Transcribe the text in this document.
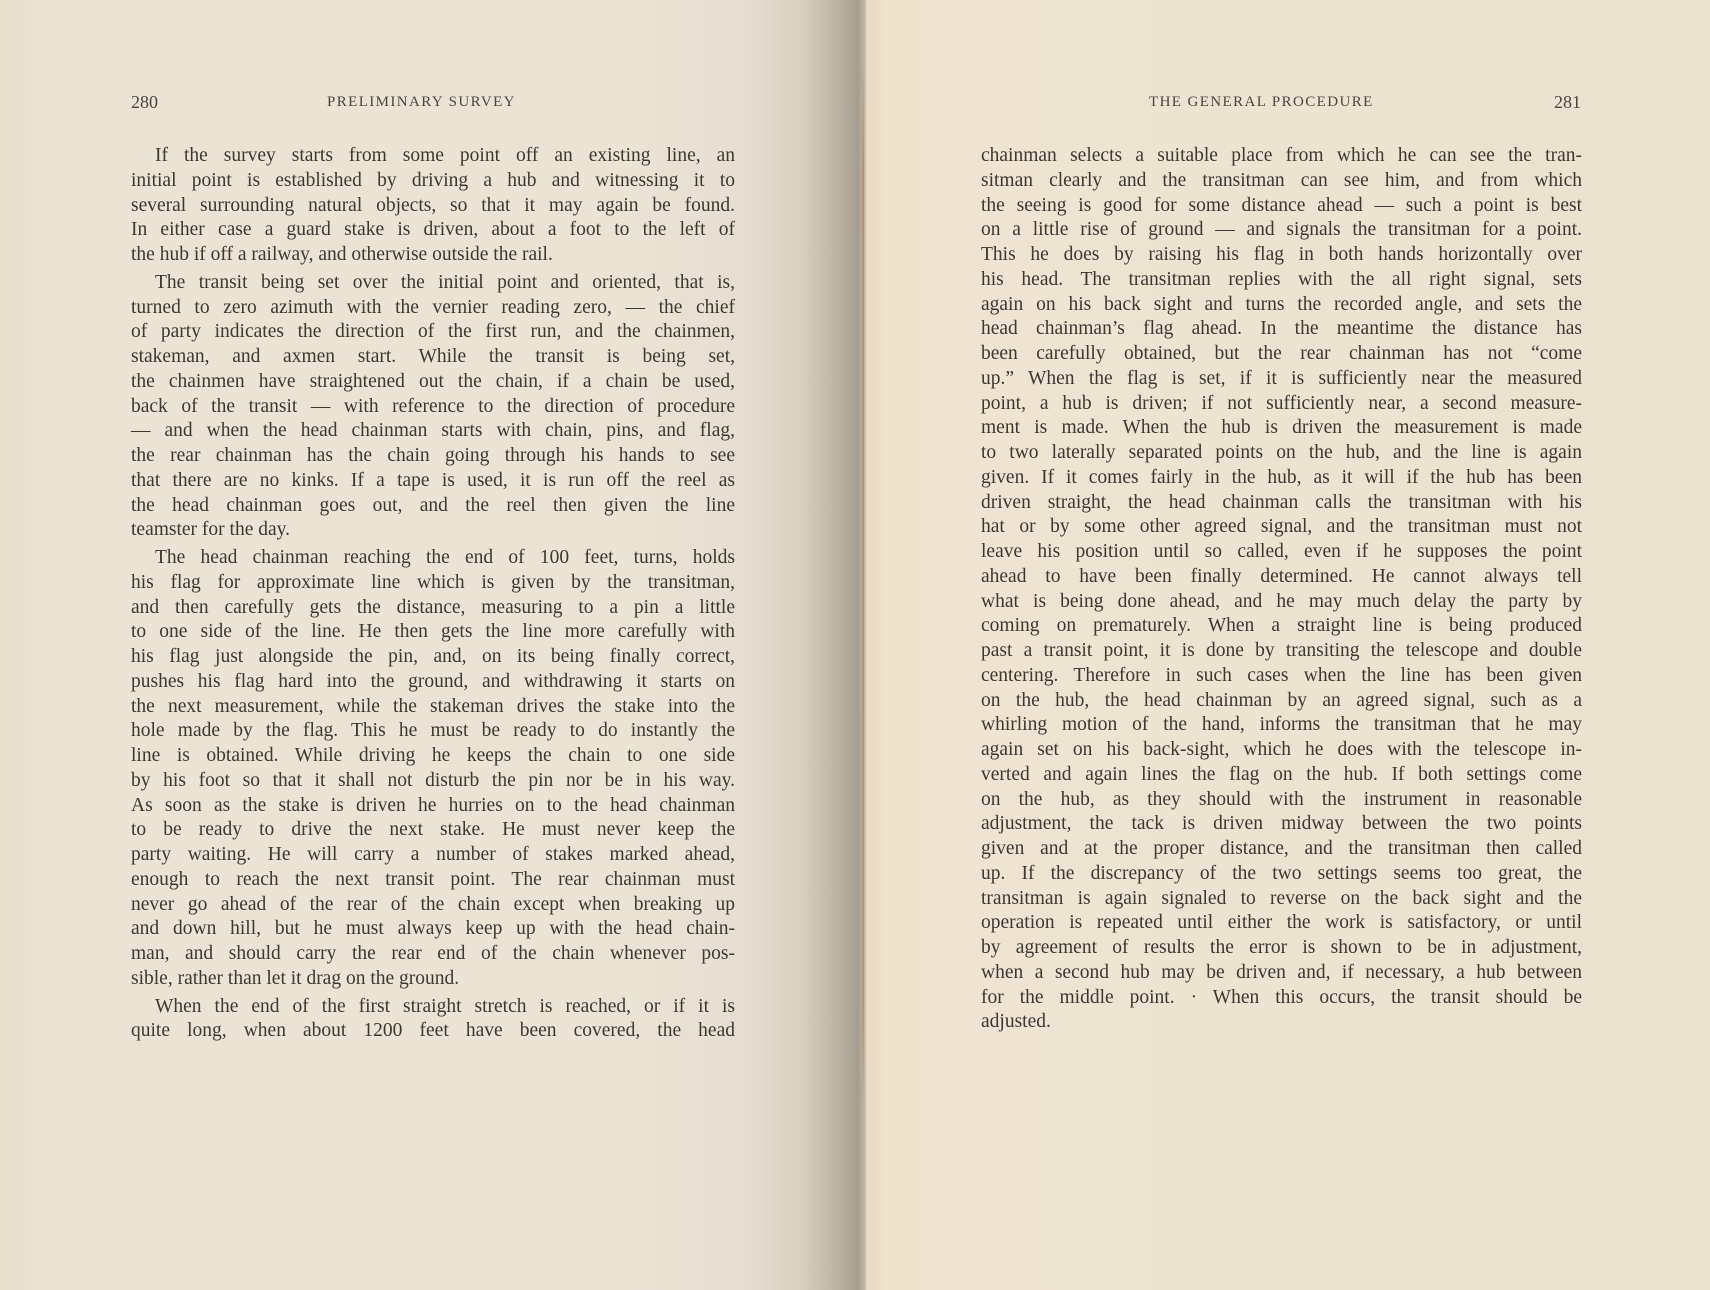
280	PRELIMINARY SURVEY
If the survey starts from some point off an existing line, an
initial point is established by driving a hub and witnessing it to
several surrounding natural objects, so that it may again be found.
In either case a guard stake is driven, about a foot to the left of
the hub if off a railway, and otherwise outside the rail.
The transit being set over the initial point and oriented, that is,
turned to zero azimuth with the vernier reading zero, — the chief
of party indicates the direction of the first run, and the chainmen,
stakeman, and axmen start. While the transit is being set,
the chainmen have straightened out the chain, if a chain be used,
back of the transit — with reference to the direction of procedure
— and when the head chainman starts with chain, pins, and flag,
the rear chainman has the chain going through his hands to see
that there are no kinks. If a tape is used, it is run off the reel as
the head chainman goes out, and the reel then given the line
teamster for the day.
The head chainman reaching the end of 100 feet, turns, holds
his flag for approximate line which is given by the transitman,
and then carefully gets the distance, measuring to a pin a little
to one side of the line. He then gets the line more carefully with
his flag just alongside the pin, and, on its being finally correct,
pushes his flag hard into the ground, and withdrawing it starts on
the next measurement, while the stakeman drives the stake into the
hole made by the flag. This he must be ready to do instantly the
line is obtained. While driving he keeps the chain to one side
by his foot so that it shall not disturb the pin nor be in his way.
As soon as the stake is driven he hurries on to the head chainman
to be ready to drive the next stake. He must never keep the
party waiting. He will carry a number of stakes marked ahead,
enough to reach the next transit point. The rear chainman must
never go ahead of the rear of the chain except when breaking up
and down hill, but he must always keep up with the head chain-
man, and should carry the rear end of the chain whenever pos-
sible, rather than let it drag on the ground.
When the end of the first straight stretch is reached, or if it is
quite long, when about 1200 feet have been covered, the head
THE GENERAL PROCEDURE	281
chainman selects a suitable place from which he can see the tran-
sitman clearly and the transitman can see him, and from which
the seeing is good for some distance ahead — such a point is best
on a little rise of ground — and signals the transitman for a point.
This he does by raising his flag in both hands horizontally over
his head. The transitman replies with the all right signal, sets
again on his back sight and turns the recorded angle, and sets the
head chainman’s flag ahead. In the meantime the distance has
been carefully obtained, but the rear chainman has not “come
up.” When the flag is set, if it is sufficiently near the measured
point, a hub is driven; if not sufficiently near, a second measure-
ment is made. When the hub is driven the measurement is made
to two laterally separated points on the hub, and the line is again
given. If it comes fairly in the hub, as it will if the hub has been
driven straight, the head chainman calls the transitman with his
hat or by some other agreed signal, and the transitman must not
leave his position until so called, even if he supposes the point
ahead to have been finally determined. He cannot always tell
what is being done ahead, and he may much delay the party by
coming on prematurely. When a straight line is being produced
past a transit point, it is done by transiting the telescope and double
centering. Therefore in such cases when the line has been given
on the hub, the head chainman by an agreed signal, such as a
whirling motion of the hand, informs the transitman that he may
again set on his back-sight, which he does with the telescope in-
verted and again lines the flag on the hub. If both settings come
on the hub, as they should with the instrument in reasonable
adjustment, the tack is driven midway between the two points
given and at the proper distance, and the transitman then called
up. If the discrepancy of the two settings seems too great, the
transitman is again signaled to reverse on the back sight and the
operation is repeated until either the work is satisfactory, or until
by agreement of results the error is shown to be in adjustment,
when a second hub may be driven and, if necessary, a hub between
for the middle point. · When this occurs, the transit should be
adjusted.
